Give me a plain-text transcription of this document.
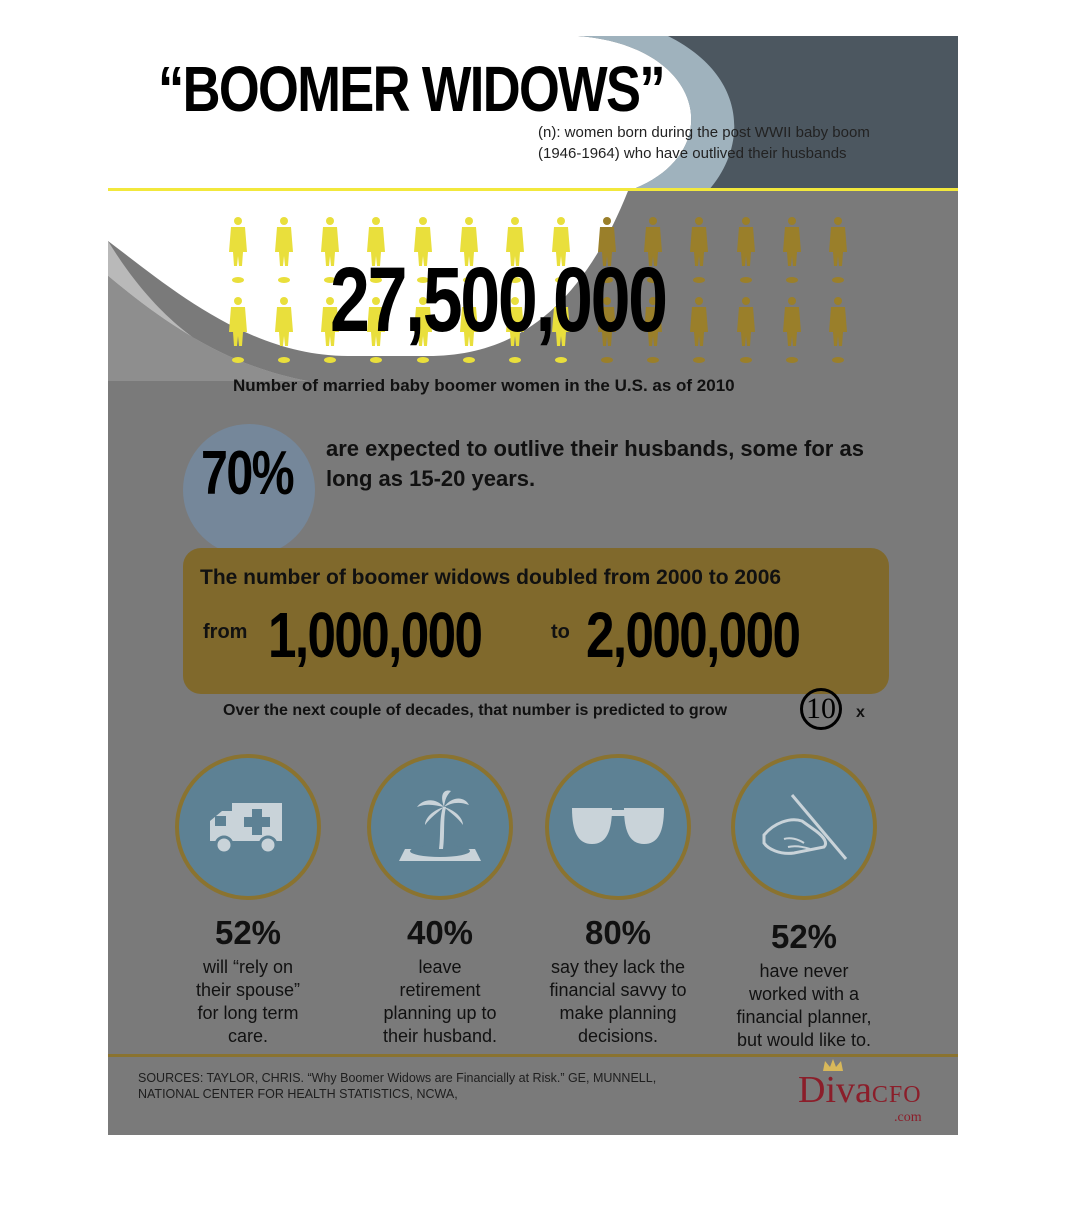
“BOOMER WIDOWS”
(n): women born during the post WWII baby boom
(1946-1964) who have outlived their husbands
27,500,000
Number of married baby boomer women in the U.S. as of 2010
70% are expected to outlive their husbands, some for as long as 15-20 years.
The number of boomer widows doubled from 2000 to 2006
from 1,000,000	to 2,000,000
Over the next couple of decades, that number is predicted to grow	10	x
52%
will “rely on
their spouse”
for long term
care.
40%
leave
retirement
planning up to
their husband.
80%
say they lack the
financial savvy to
make planning
decisions.
52%
have never
worked with a
financial planner,
but would like to.
SOURCES: TAYLOR, CHRIS. “Why Boomer Widows are Financially at Risk.” GE, MUNNELL,
NATIONAL CENTER FOR HEALTH STATISTICS, NCWA,	DivaCFO
.com
